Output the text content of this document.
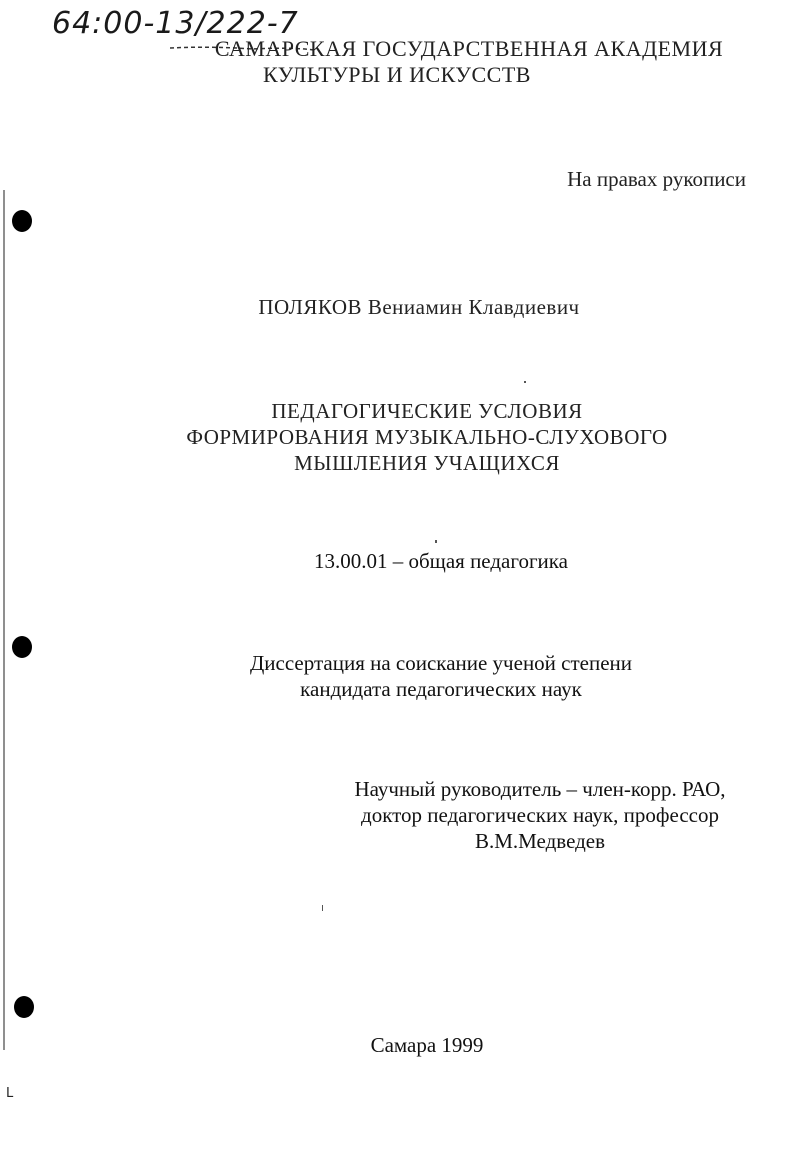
L
64:00-13/222-7
САМАРСКАЯ ГОСУДАРСТВЕННАЯ АКАДЕМИЯ
КУЛЬТУРЫ И ИСКУССТВ
На правах рукописи
ПОЛЯКОВ Вениамин Клавдиевич
ПЕДАГОГИЧЕСКИЕ УСЛОВИЯ
ФОРМИРОВАНИЯ МУЗЫКАЛЬНО-СЛУХОВОГО
МЫШЛЕНИЯ УЧАЩИХСЯ
13.00.01 – общая педагогика
Диссертация на соискание ученой степени
кандидата педагогических наук
Научный руководитель – член-корр. РАО,
доктор педагогических наук, профессор
В.М.Медведев
Самара 1999
